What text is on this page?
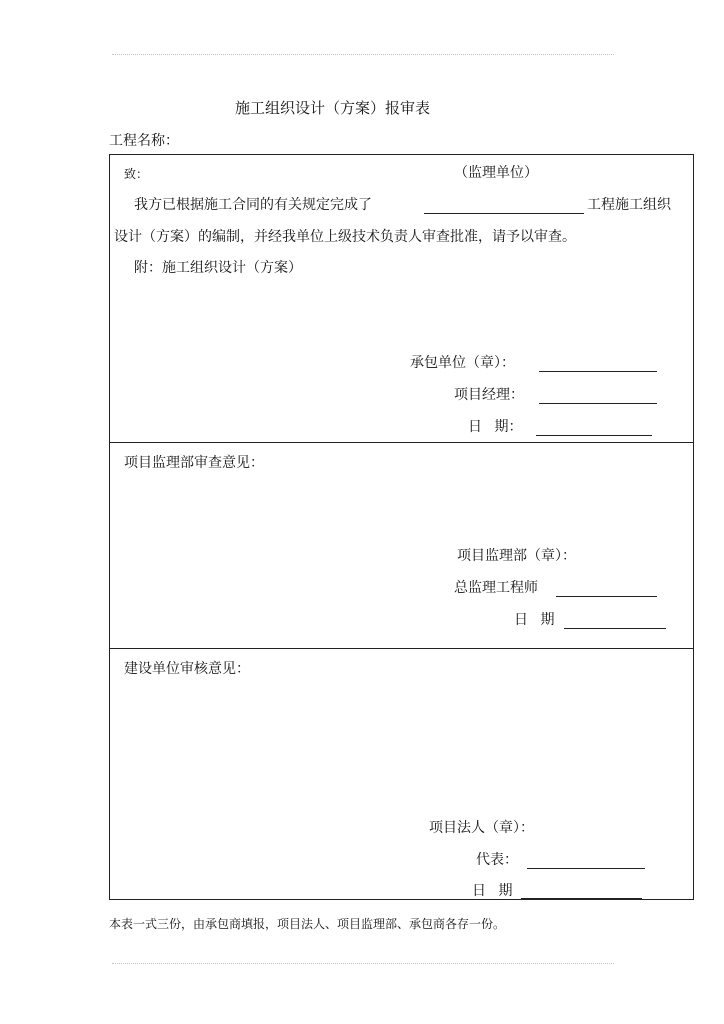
施工组织设计（方案）报审表
工程名称：
致：	（监理单位）
我方已根据施工合同的有关规定完成了	工程施工组织
设计（方案）的编制，并经我单位上级技术负责人审查批准，请予以审查。
附：施工组织设计（方案）
承包单位（章）：
项目经理：
日 期：
项目监理部审查意见：
项目监理部（章）：
总监理工程师
日 期
建设单位审核意见：
项目法人（章）：
代表：
日 期
本表一式三份，由承包商填报，项目法人、项目监理部、承包商各存一份。
